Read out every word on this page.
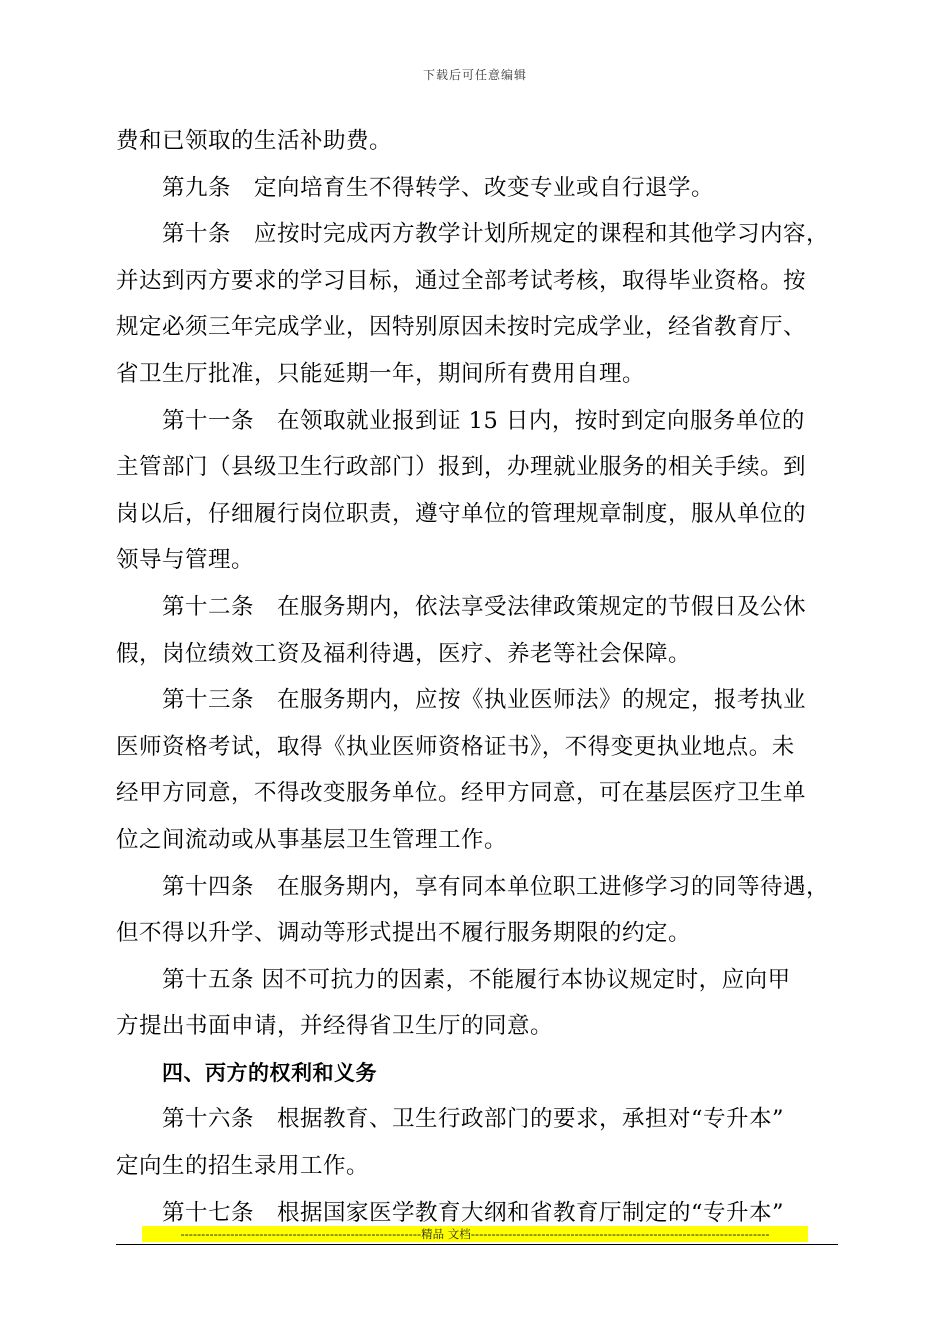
下载后可任意编辑
费和已领取的生活补助费。
第九条　定向培育生不得转学、改变专业或自行退学。
第十条　应按时完成丙方教学计划所规定的课程和其他学习内容，
并达到丙方要求的学习目标，通过全部考试考核，取得毕业资格。按
规定必须三年完成学业，因特别原因未按时完成学业，经省教育厅、
省卫生厅批准，只能延期一年，期间所有费用自理。
第十一条　在领取就业报到证 15 日内，按时到定向服务单位的
主管部门（县级卫生行政部门）报到，办理就业服务的相关手续。到
岗以后，仔细履行岗位职责，遵守单位的管理规章制度，服从单位的
领导与管理。
第十二条　在服务期内，依法享受法律政策规定的节假日及公休
假，岗位绩效工资及福利待遇，医疗、养老等社会保障。
第十三条　在服务期内，应按《执业医师法》的规定，报考执业
医师资格考试，取得《执业医师资格证书》，不得变更执业地点。未
经甲方同意，不得改变服务单位。经甲方同意，可在基层医疗卫生单
位之间流动或从事基层卫生管理工作。
第十四条　在服务期内，享有同本单位职工进修学习的同等待遇，
但不得以升学、调动等形式提出不履行服务期限的约定。
第十五条 因不可抗力的因素，不能履行本协议规定时，应向甲
方提出书面申请，并经得省卫生厅的同意。
四、丙方的权利和义务
第十六条　根据教育、卫生行政部门的要求，承担对“专升本”
定向生的招生录用工作。
第十七条　根据国家医学教育大纲和省教育厅制定的“专升本”
----------------------------------------------------------精品 文档------------------------------------------------------------------------
